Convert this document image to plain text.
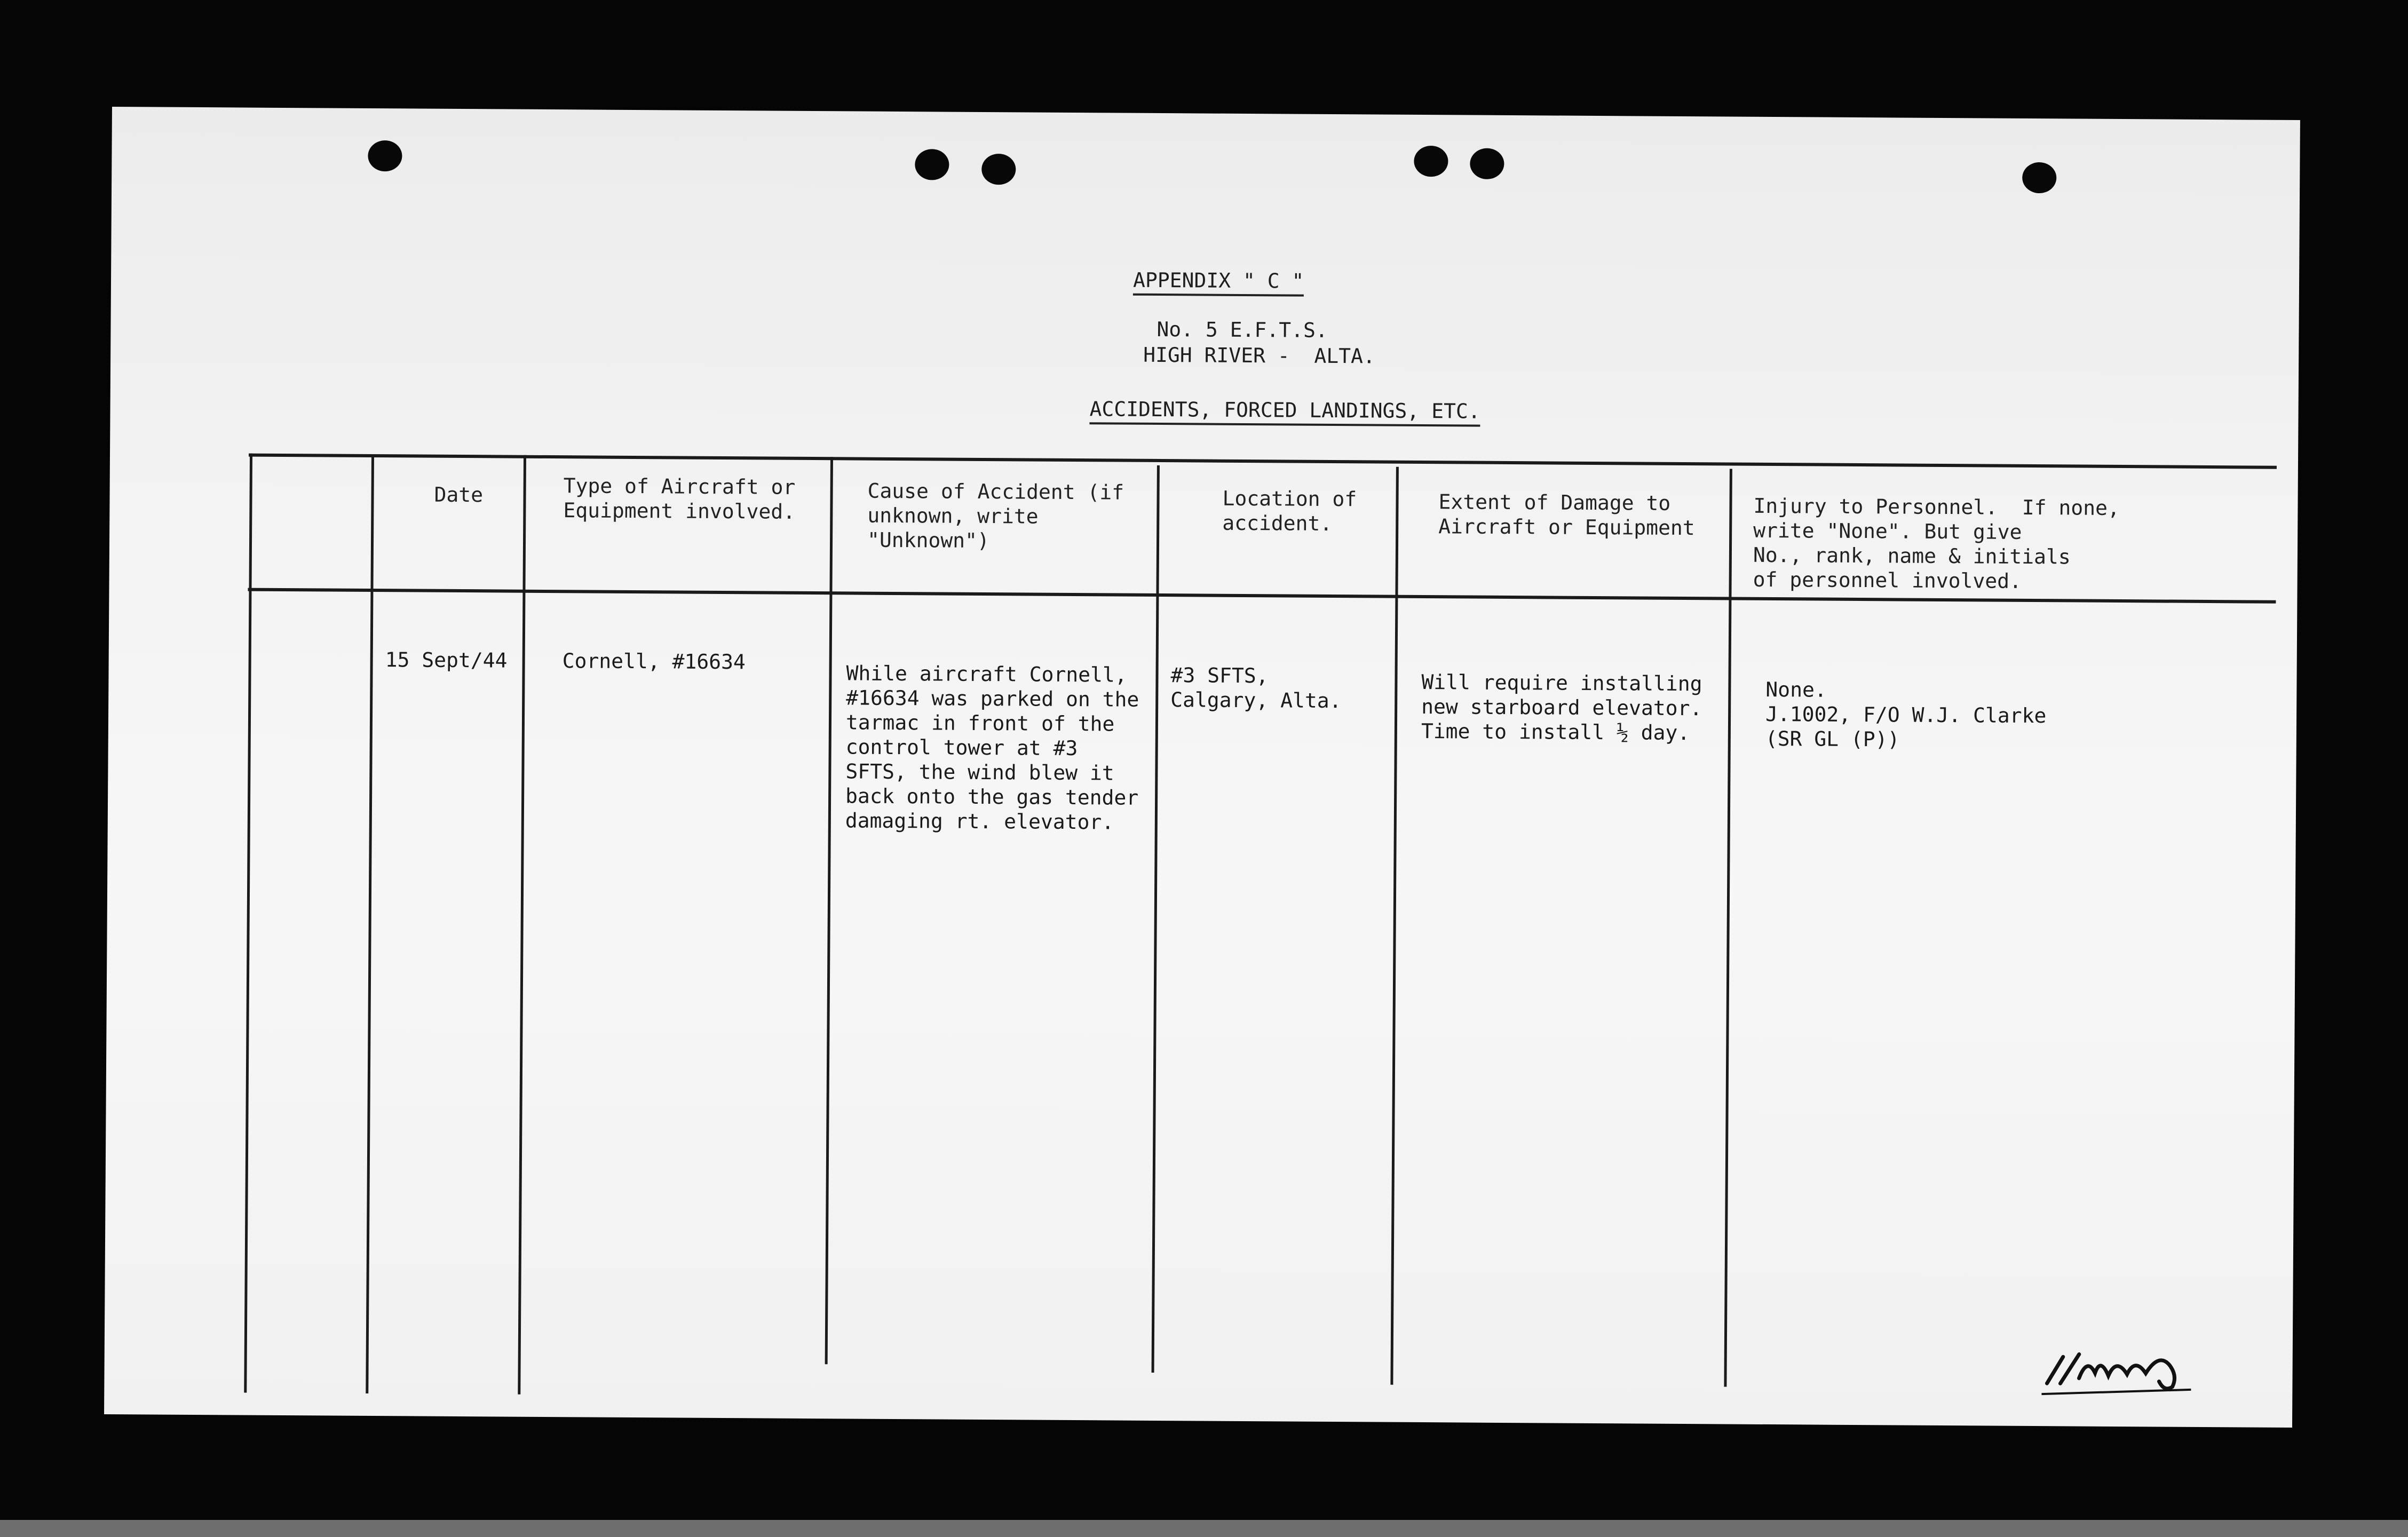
APPENDIX " C "
No. 5 E.F.T.S.
HIGH RIVER -  ALTA.
ACCIDENTS, FORCED LANDINGS, ETC.
Date	Type of Aircraft or
Equipment involved.
Cause of Accident (if
unknown, write
"Unknown")
Location of
accident.
Extent of Damage to
Aircraft or Equipment
Injury to Personnel.  If none,
write "None". But give
No., rank, name & initials
of personnel involved.
15 Sept/44	Cornell, #16634
While aircraft Cornell,
#16634 was parked on the
tarmac in front of the
control tower at #3
SFTS, the wind blew it
back onto the gas tender
damaging rt. elevator.
#3 SFTS,
Calgary, Alta.
Will require installing
new starboard elevator.
Time to install ½ day.
None.
J.1002, F/O W.J. Clarke
(SR GL (P))
